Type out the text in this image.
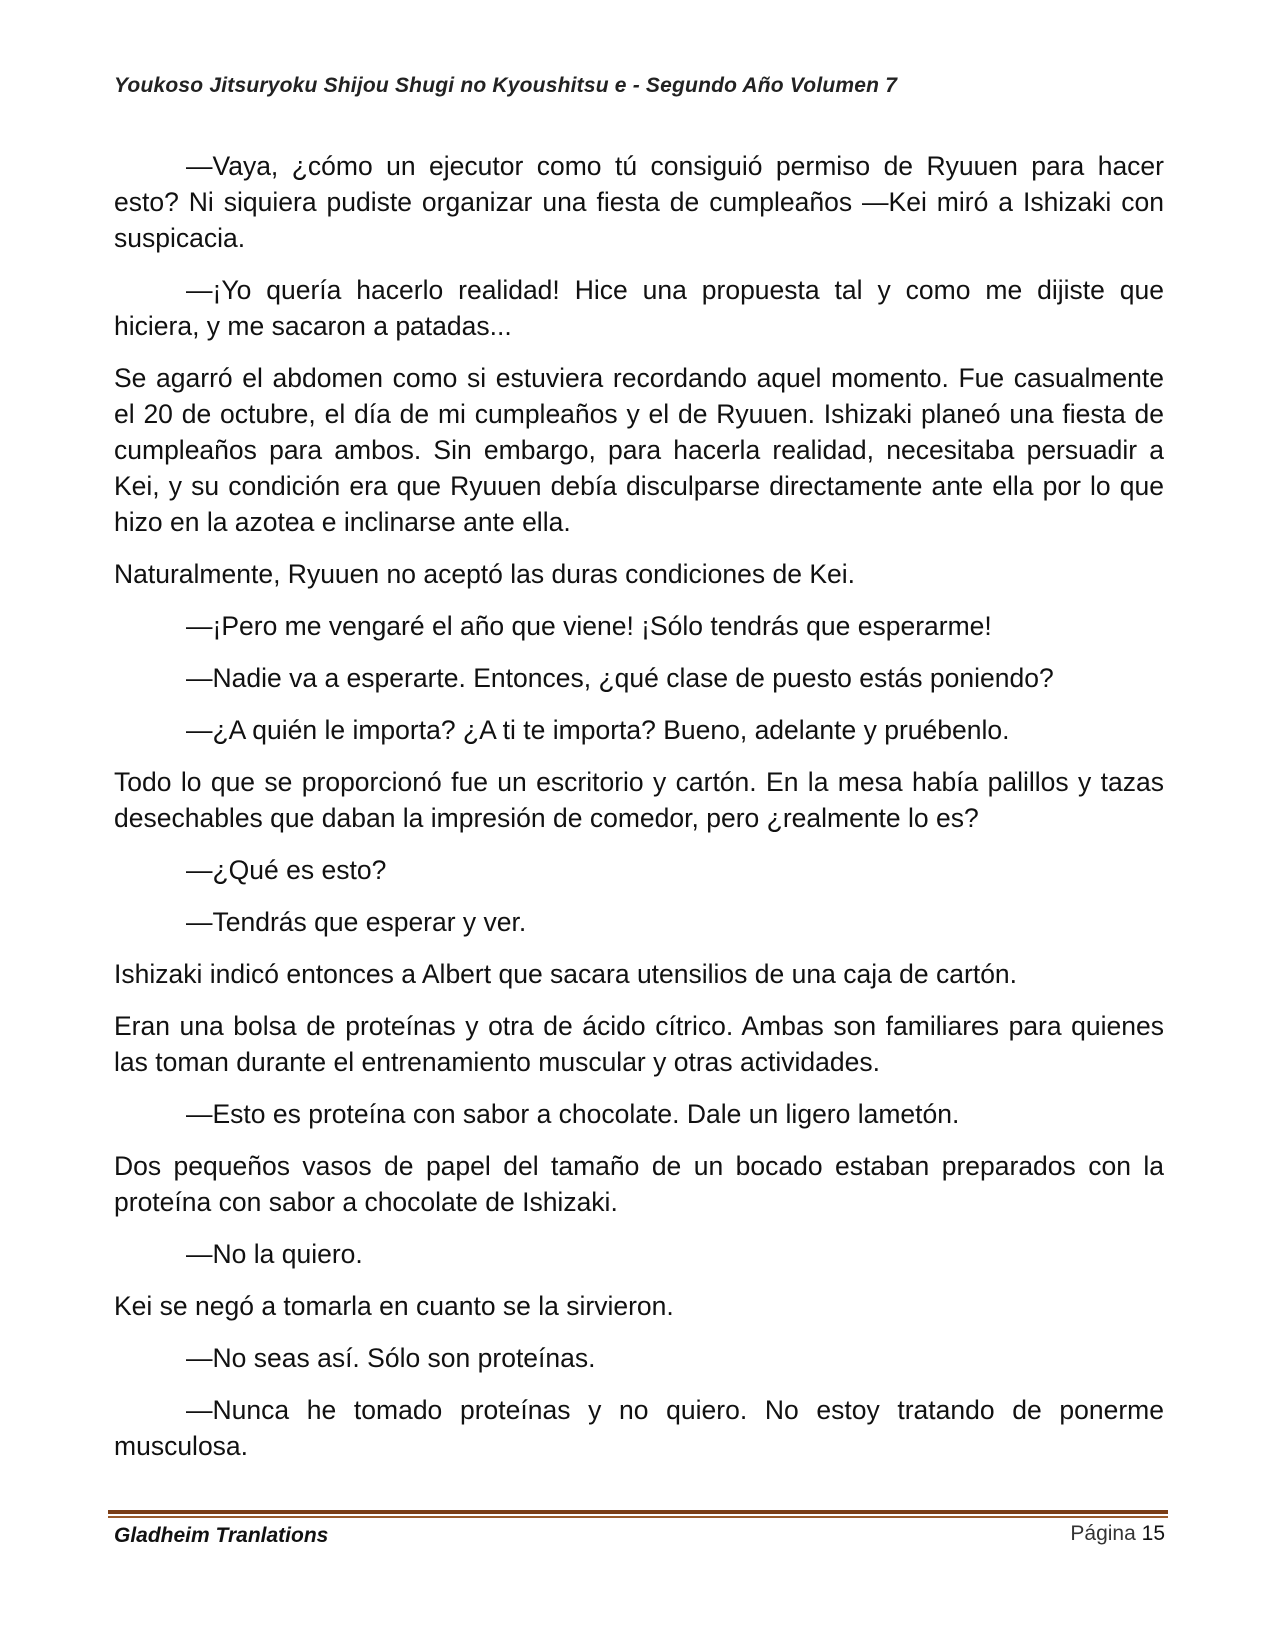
Youkoso Jitsuryoku Shijou Shugi no Kyoushitsu e - Segundo Año Volumen 7

—Vaya, ¿cómo un ejecutor como tú consiguió permiso de Ryuuen para hacer esto? Ni siquiera pudiste organizar una fiesta de cumpleaños —Kei miró a Ishizaki con suspicacia.

—¡Yo quería hacerlo realidad! Hice una propuesta tal y como me dijiste que hiciera, y me sacaron a patadas...

Se agarró el abdomen como si estuviera recordando aquel momento. Fue casualmente el 20 de octubre, el día de mi cumpleaños y el de Ryuuen. Ishizaki planeó una fiesta de cumpleaños para ambos. Sin embargo, para hacerla realidad, necesitaba persuadir a Kei, y su condición era que Ryuuen debía disculparse directamente ante ella por lo que hizo en la azotea e inclinarse ante ella.

Naturalmente, Ryuuen no aceptó las duras condiciones de Kei.

—¡Pero me vengaré el año que viene! ¡Sólo tendrás que esperarme!

—Nadie va a esperarte. Entonces, ¿qué clase de puesto estás poniendo?

—¿A quién le importa? ¿A ti te importa? Bueno, adelante y pruébenlo.

Todo lo que se proporcionó fue un escritorio y cartón. En la mesa había palillos y tazas desechables que daban la impresión de comedor, pero ¿realmente lo es?

—¿Qué es esto?

—Tendrás que esperar y ver.

Ishizaki indicó entonces a Albert que sacara utensilios de una caja de cartón.

Eran una bolsa de proteínas y otra de ácido cítrico. Ambas son familiares para quienes las toman durante el entrenamiento muscular y otras actividades.

—Esto es proteína con sabor a chocolate. Dale un ligero lametón.

Dos pequeños vasos de papel del tamaño de un bocado estaban preparados con la proteína con sabor a chocolate de Ishizaki.

—No la quiero.

Kei se negó a tomarla en cuanto se la sirvieron.

—No seas así. Sólo son proteínas.

—Nunca he tomado proteínas y no quiero. No estoy tratando de ponerme musculosa.

Gladheim Tranlations	Página 15
